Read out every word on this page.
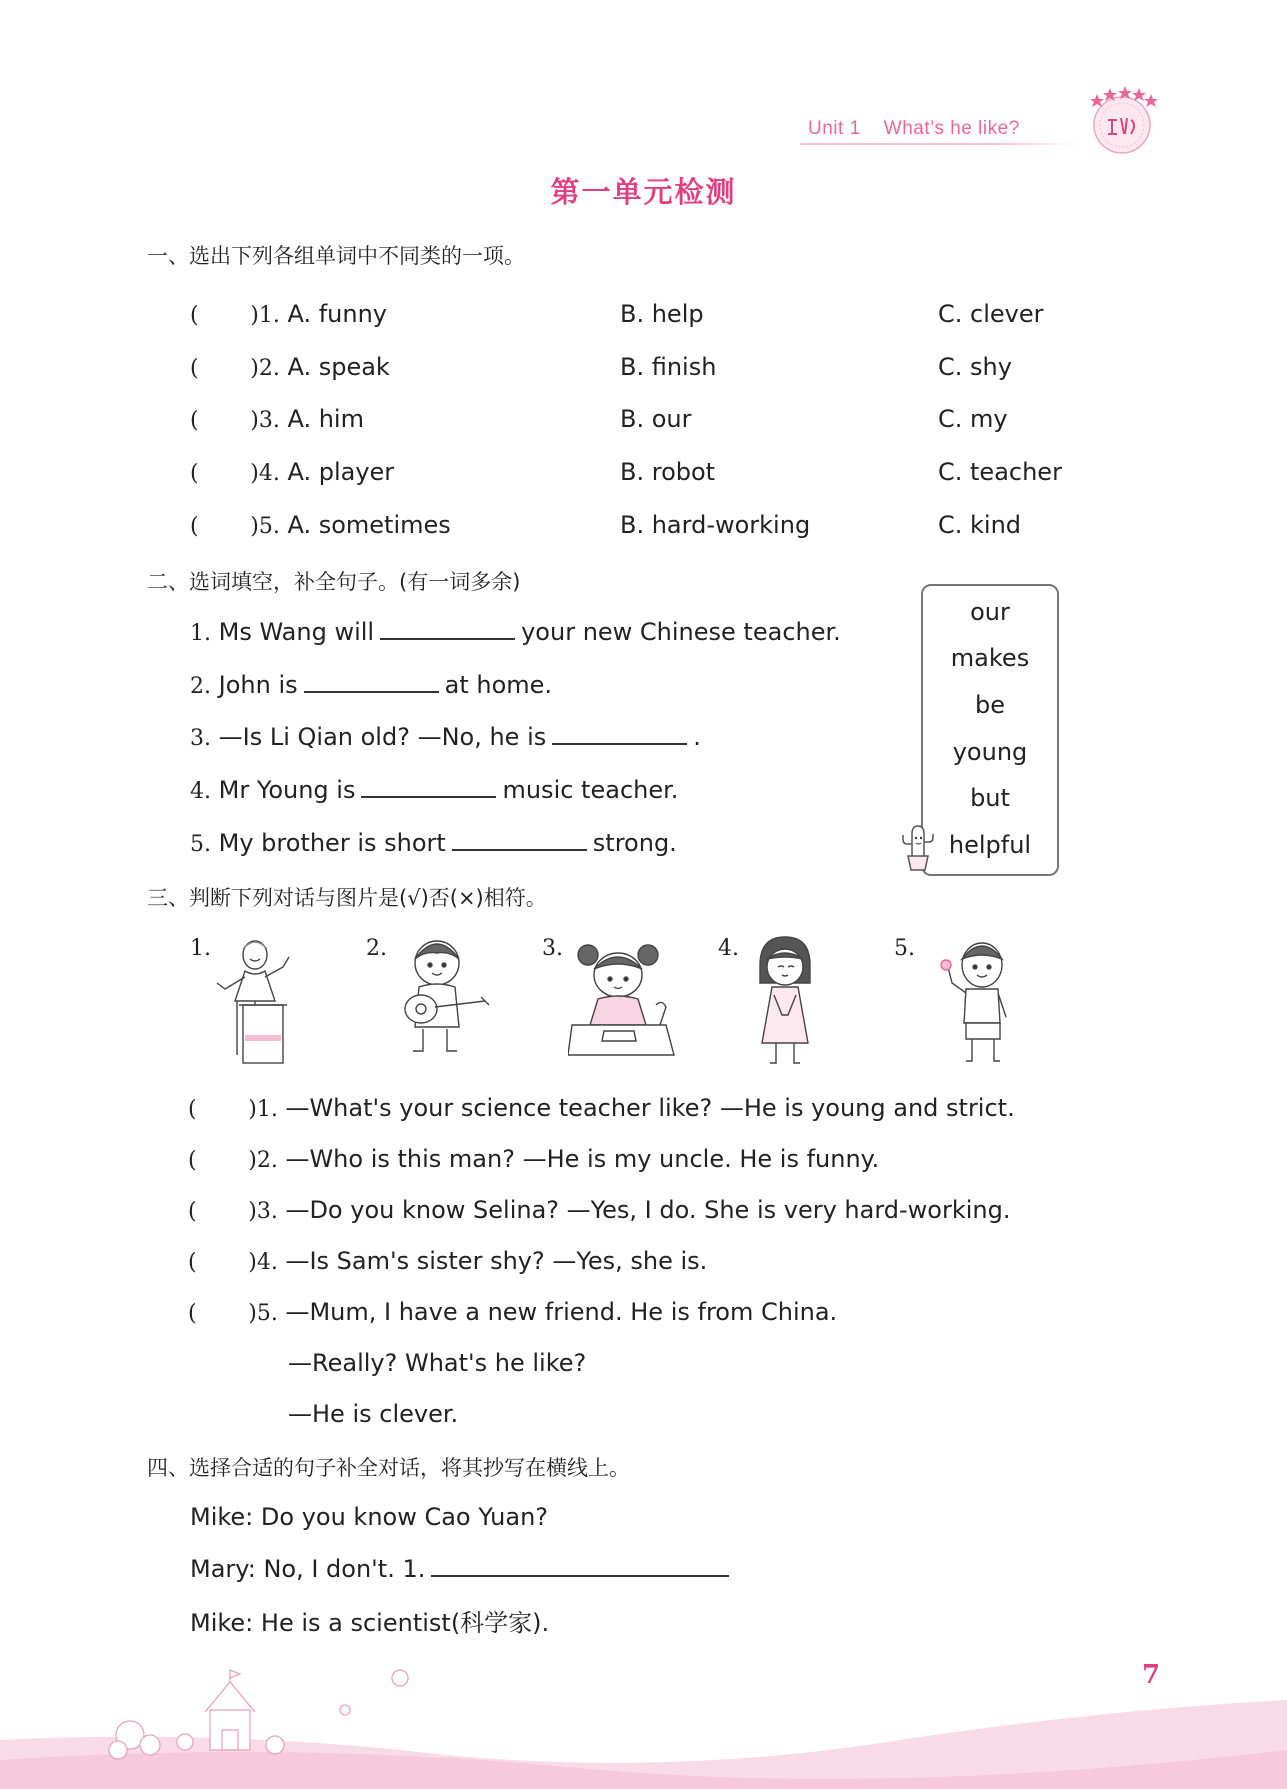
Unit 1 What’s he like?
第一单元检测
一、选出下列各组单词中不同类的一项。
( )1. A. funny	B. help	C. clever
( )2. A. speak	B. finish	C. shy
( )3. A. him	B. our	C. my
( )4. A. player	B. robot	C. teacher
( )5. A. sometimes	B. hard-working	C. kind
二、选词填空，补全句子。(有一词多余)
1. Ms Wang will	your new Chinese teacher.
2. John is	at home.
3. —Is Li Qian old? —No, he is	.
4. Mr Young is	music teacher.
5. My brother is short	strong.
our
makes
be
young
but
helpful
三、判断下列对话与图片是(√)否(×)相符。
1.	2.	3.	4.	5.
( )1. —What's your science teacher like? —He is young and strict.
( )2. —Who is this man? —He is my uncle. He is funny.
( )3. —Do you know Selina? —Yes, I do. She is very hard-working.
( )4. —Is Sam's sister shy? —Yes, she is.
( )5. —Mum, I have a new friend. He is from China.
—Really? What's he like?
—He is clever.
四、选择合适的句子补全对话，将其抄写在横线上。
Mike: Do you know Cao Yuan?
Mary: No, I don't. 1.
Mike: He is a scientist(科学家).
7
